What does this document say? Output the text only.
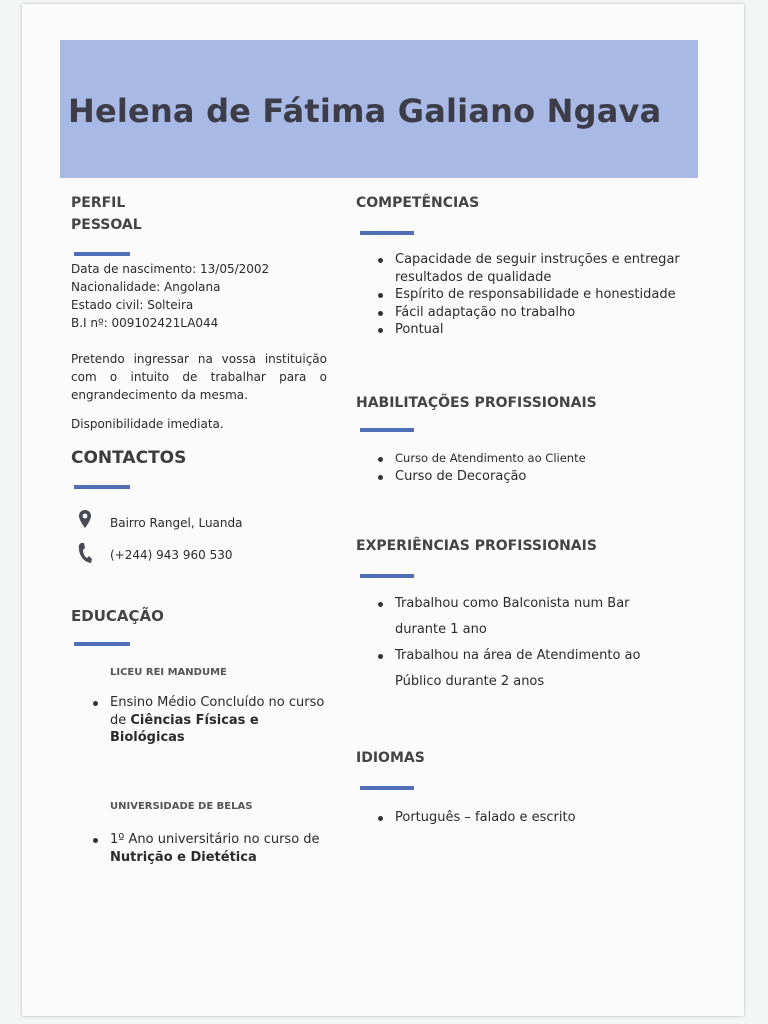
Helena de Fátima Galiano Ngava
PERFIL
PESSOAL
Data de nascimento: 13/05/2002
Nacionalidade: Angolana
Estado civil: Solteira
B.I nº: 009102421LA044
Pretendo ingressar na vossa instituição com o intuito de trabalhar para o engrandecimento da mesma.
Disponibilidade imediata.
CONTACTOS
Bairro Rangel, Luanda
(+244) 943 960 530
EDUCAÇÃO
LICEU REI MANDUME
Ensino Médio Concluído no curso de Ciências Físicas e Biológicas
UNIVERSIDADE DE BELAS
1º Ano universitário no curso de Nutrição e Dietética
COMPETÊNCIAS
Capacidade de seguir instruções e entregar resultados de qualidade
Espírito de responsabilidade e honestidade
Fácil adaptação no trabalho
Pontual
HABILITAÇÕES PROFISSIONAIS
Curso de Atendimento ao Cliente
Curso de Decoração
EXPERIÊNCIAS PROFISSIONAIS
Trabalhou como Balconista num Bar durante 1 ano
Trabalhou na área de Atendimento ao Público durante 2 anos
IDIOMAS
Português – falado e escrito
